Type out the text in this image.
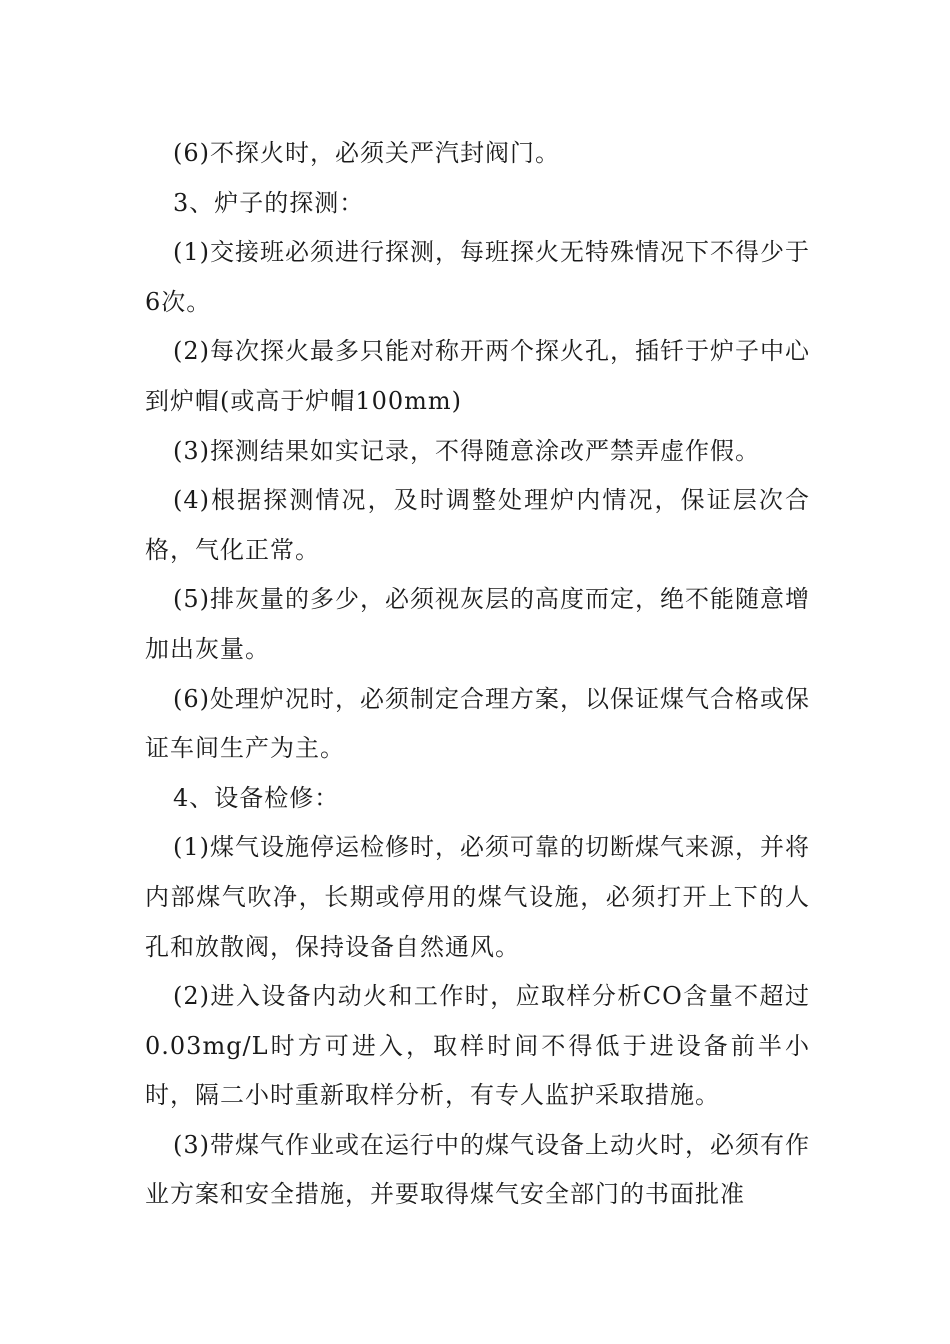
(6)不探火时，必须关严汽封阀门。

3、炉子的探测：

(1)交接班必须进行探测，每班探火无特殊情况下不得少于6次。

(2)每次探火最多只能对称开两个探火孔，插钎于炉子中心到炉帽(或高于炉帽100mm)

(3)探测结果如实记录，不得随意涂改严禁弄虚作假。

(4)根据探测情况，及时调整处理炉内情况，保证层次合格，气化正常。

(5)排灰量的多少，必须视灰层的高度而定，绝不能随意增加出灰量。

(6)处理炉况时，必须制定合理方案，以保证煤气合格或保证车间生产为主。

4、设备检修：

(1)煤气设施停运检修时，必须可靠的切断煤气来源，并将内部煤气吹净，长期或停用的煤气设施，必须打开上下的人孔和放散阀，保持设备自然通风。

(2)进入设备内动火和工作时，应取样分析CO含量不超过0.03mg/L时方可进入，取样时间不得低于进设备前半小时，隔二小时重新取样分析，有专人监护采取措施。

(3)带煤气作业或在运行中的煤气设备上动火时，必须有作业方案和安全措施，并要取得煤气安全部门的书面批准
